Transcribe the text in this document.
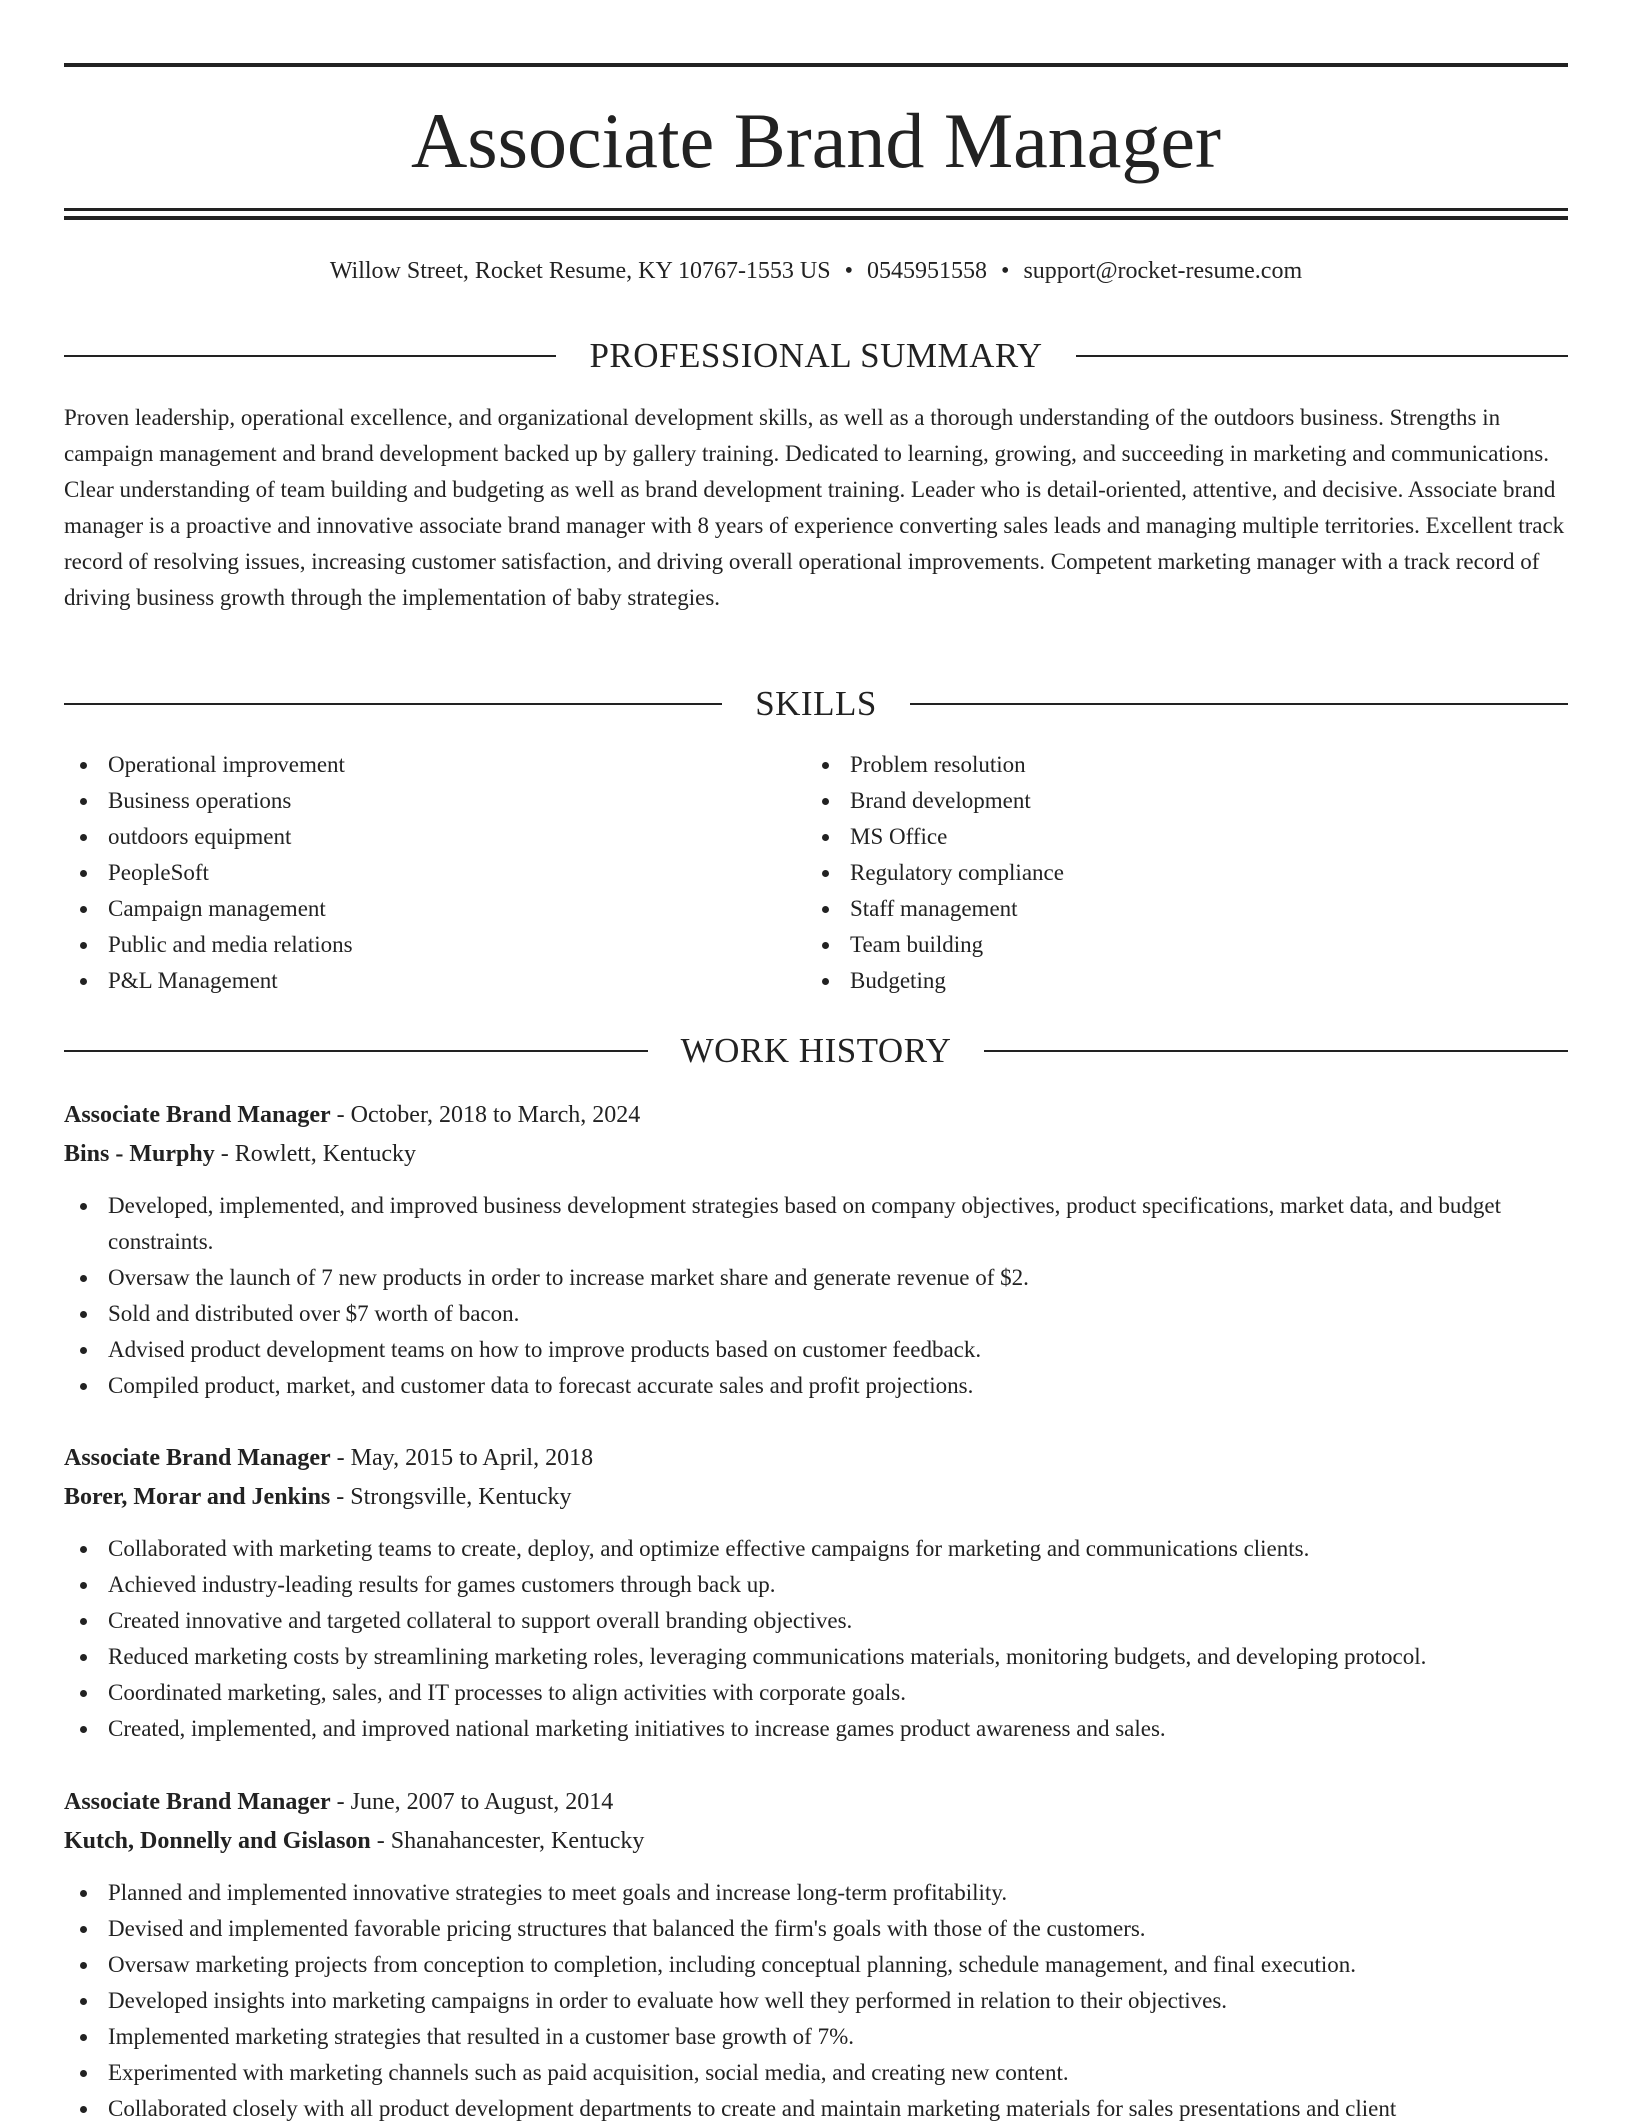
Associate Brand Manager
Willow Street, Rocket Resume, KY 10767-1553 US • 0545951558 • support@rocket-resume.com
PROFESSIONAL SUMMARY

Proven leadership, operational excellence, and organizational development skills, as well as a thorough understanding of the outdoors business. Strengths in campaign management and brand development backed up by gallery training. Dedicated to learning, growing, and succeeding in marketing and communications. Clear understanding of team building and budgeting as well as brand development training. Leader who is detail-oriented, attentive, and decisive. Associate brand manager is a proactive and innovative associate brand manager with 8 years of experience converting sales leads and managing multiple territories. Excellent track record of resolving issues, increasing customer satisfaction, and driving overall operational improvements. Competent marketing manager with a track record of driving business growth through the implementation of baby strategies.

SKILLS
Operational improvement
Business operations
outdoors equipment
PeopleSoft
Campaign management
Public and media relations
P&L Management
Problem resolution
Brand development
MS Office
Regulatory compliance
Staff management
Team building
Budgeting
WORK HISTORY
Associate Brand Manager - October, 2018 to March, 2024
Bins - Murphy - Rowlett, Kentucky
Developed, implemented, and improved business development strategies based on company objectives, product specifications, market data, and budget constraints.
Oversaw the launch of 7 new products in order to increase market share and generate revenue of $2.
Sold and distributed over $7 worth of bacon.
Advised product development teams on how to improve products based on customer feedback.
Compiled product, market, and customer data to forecast accurate sales and profit projections.
Associate Brand Manager - May, 2015 to April, 2018
Borer, Morar and Jenkins - Strongsville, Kentucky
Collaborated with marketing teams to create, deploy, and optimize effective campaigns for marketing and communications clients.
Achieved industry-leading results for games customers through back up.
Created innovative and targeted collateral to support overall branding objectives.
Reduced marketing costs by streamlining marketing roles, leveraging communications materials, monitoring budgets, and developing protocol.
Coordinated marketing, sales, and IT processes to align activities with corporate goals.
Created, implemented, and improved national marketing initiatives to increase games product awareness and sales.
Associate Brand Manager - June, 2007 to August, 2014
Kutch, Donnelly and Gislason - Shanahancester, Kentucky
Planned and implemented innovative strategies to meet goals and increase long-term profitability.
Devised and implemented favorable pricing structures that balanced the firm's goals with those of the customers.
Oversaw marketing projects from conception to completion, including conceptual planning, schedule management, and final execution.
Developed insights into marketing campaigns in order to evaluate how well they performed in relation to their objectives.
Implemented marketing strategies that resulted in a customer base growth of 7%.
Experimented with marketing channels such as paid acquisition, social media, and creating new content.
Collaborated closely with all product development departments to create and maintain marketing materials for sales presentations and client
